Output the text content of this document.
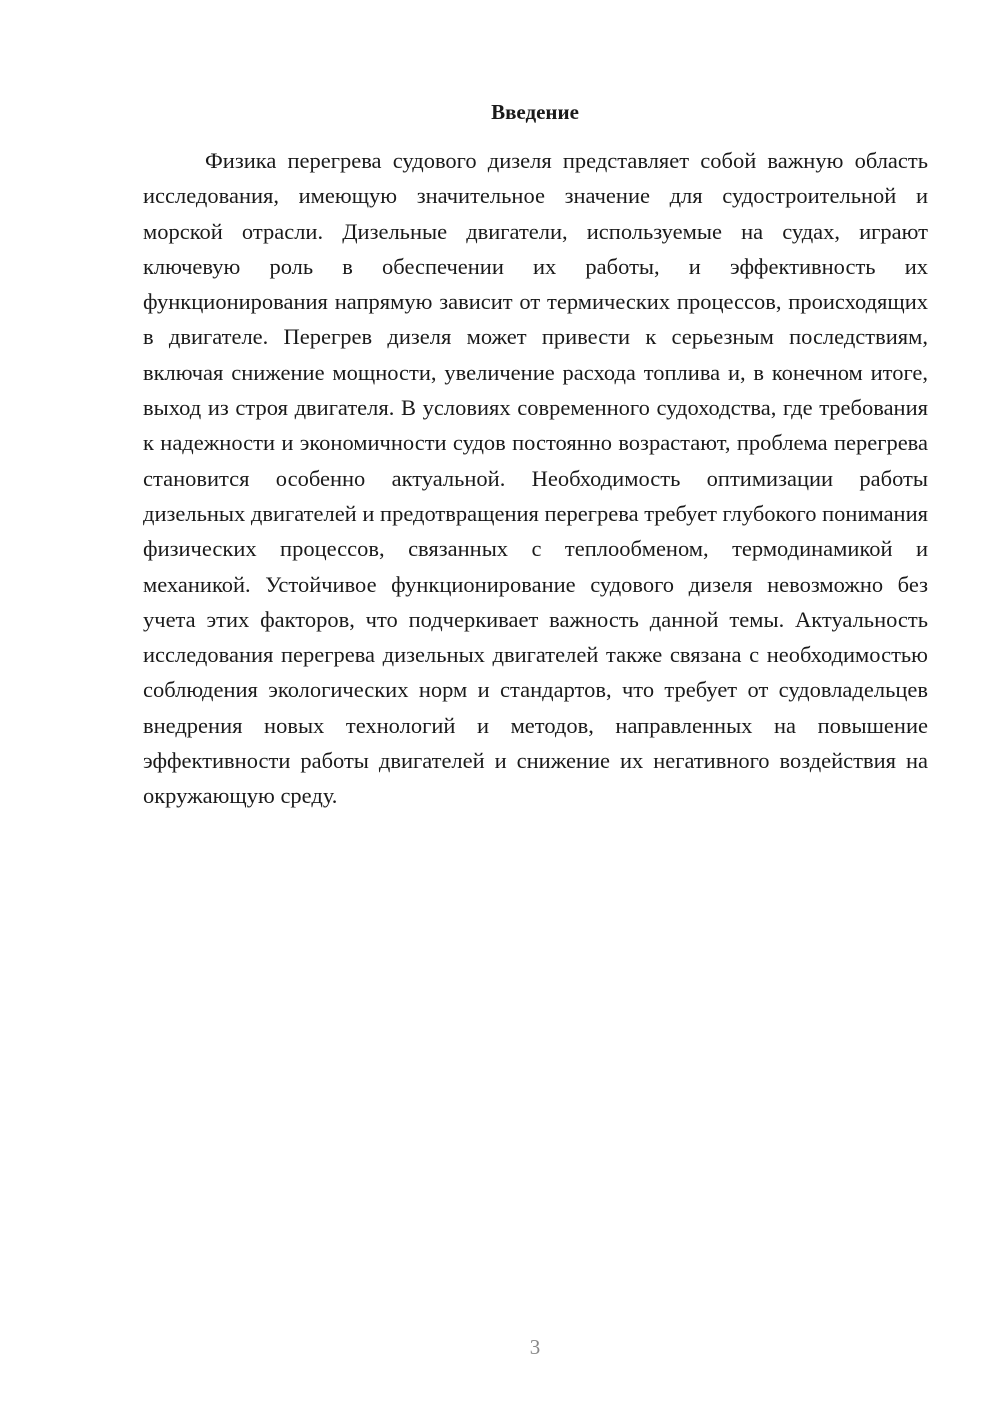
Введение

Физика перегрева судового дизеля представляет собой важную область исследования, имеющую значительное значение для судостроительной и морской отрасли. Дизельные двигатели, используемые на судах, играют ключевую роль в обеспечении их работы, и эффективность их функционирования напрямую зависит от термических процессов, происходящих в двигателе. Перегрев дизеля может привести к серьезным последствиям, включая снижение мощности, увеличение расхода топлива и, в конечном итоге, выход из строя двигателя. В условиях современного судоходства, где требования к надежности и экономичности судов постоянно возрастают, проблема перегрева становится особенно актуальной. Необходимость оптимизации работы дизельных двигателей и предотвращения перегрева требует глубокого понимания физических процессов, связанных с теплообменом, термодинамикой и механикой. Устойчивое функционирование судового дизеля невозможно без учета этих факторов, что подчеркивает важность данной темы. Актуальность исследования перегрева дизельных двигателей также связана с необходимостью соблюдения экологических норм и стандартов, что требует от судовладельцев внедрения новых технологий и методов, направленных на повышение эффективности работы двигателей и снижение их негативного воздействия на окружающую среду.

3
